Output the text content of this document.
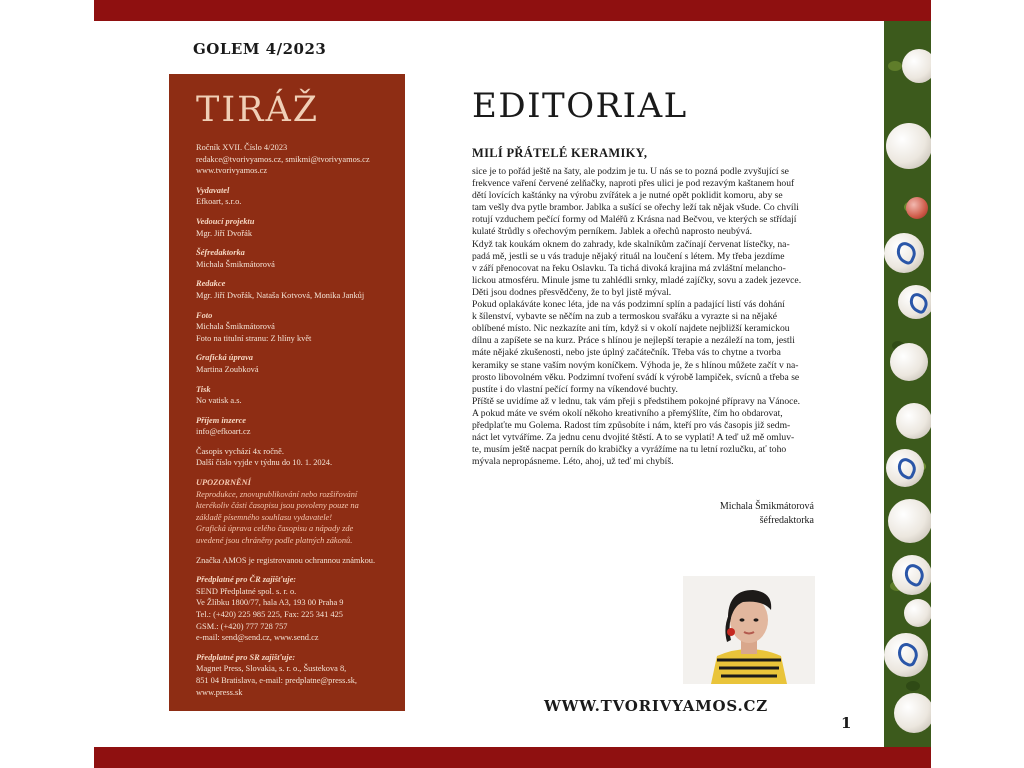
GOLEM 4/2023
TIRÁŽ
Ročník XVII. Číslo 4/2023
redakce@tvorivyamos.cz, smikmi@tvorivyamos.cz
www.tvorivyamos.cz
Vydavatel
Efkoart, s.r.o.
Vedoucí projektu
Mgr. Jiří Dvořák
Šéfredaktorka
Michala Šmikmátorová
Redakce
Mgr. Jiří Dvořák, Nataša Kotvová, Monika Jankůj
Foto
Michala Šmikmátorová
Foto na titulní stranu: Z hlíny květ
Grafická úprava
Martina Zoubková
Tisk
No vatisk a.s.
Příjem inzerce
info@efkoart.cz
Časopis vychází 4x ročně.
Další číslo vyjde v týdnu do 10. 1. 2024.
UPOZORNĚNÍ
Reprodukce, znovupublikování nebo rozšiřování
kterékoliv části časopisu jsou povoleny pouze na
základě písemného souhlasu vydavatele!
Grafická úprava celého časopisu a nápady zde
uvedené jsou chráněny podle platných zákonů.
Značka AMOS je registrovanou ochrannou známkou.
Předplatné pro ČR zajišťuje:
SEND Předplatné spol. s. r. o.
Ve Žlíbku 1800/77, hala A3, 193 00 Praha 9
Tel.: (+420) 225 985 225, Fax: 225 341 425
GSM.: (+420) 777 728 757
e-mail: send@send.cz, www.send.cz
Předplatné pro SR zajišťuje:
Magnet Press, Slovakia, s. r. o., Šustekova 8,
851 04 Bratislava, e-mail: predplatne@press.sk,
www.press.sk
EDITORIAL
MILÍ PŘÁTELÉ KERAMIKY,
sice je to pořád ještě na šaty, ale podzim je tu. U nás se to pozná podle zvyšující se
frekvence vaření červené zelňačky, naproti přes ulici je pod rezavým kaštanem houf
dětí lovících kaštánky na výrobu zvířátek a je nutné opět poklidit komoru, aby se
tam vešly dva pytle brambor. Jablka a sušící se ořechy leží tak nějak všude. Co chvíli
rotují vzduchem pečící formy od Maléřů z Krásna nad Bečvou, ve kterých se střídají
kulaté štrůdly s ořechovým perníkem. Jablek a ořechů naprosto neubývá.
Když tak koukám oknem do zahrady, kde skalníkům začínají červenat lístečky, na-
padá mě, jestli se u vás traduje nějaký rituál na loučení s létem. My třeba jezdíme
v září přenocovat na řeku Oslavku. Ta tichá divoká krajina má zvláštní melancho-
lickou atmosféru. Minule jsme tu zahlédli srnky, mladé zajíčky, sovu a zadek jezevce.
Děti jsou dodnes přesvědčeny, že to byl jistě mýval.
Pokud oplakáváte konec léta, jde na vás podzimní splín a padající listí vás dohání
k šílenství, vybavte se něčím na zub a termoskou svařáku a vyrazte si na nějaké
oblíbené místo. Nic nezkazíte ani tím, když si v okolí najdete nejbližší keramickou
dílnu a zapíšete se na kurz. Práce s hlínou je nejlepší terapie a nezáleží na tom, jestli
máte nějaké zkušenosti, nebo jste úplný začátečník. Třeba vás to chytne a tvorba
keramiky se stane vaším novým koníčkem. Výhoda je, že s hlínou můžete začít v na-
prosto libovolném věku. Podzimní tvoření svádí k výrobě lampiček, svícnů a třeba se
pustíte i do vlastní pečící formy na víkendové buchty.
Příště se uvidíme až v lednu, tak vám přeji s předstihem pokojné přípravy na Vánoce.
A pokud máte ve svém okolí někoho kreativního a přemýšlíte, čím ho obdarovat,
předplaťte mu Golema. Radost tím způsobíte i nám, kteří pro vás časopis již sedm-
náct let vytváříme. Za jednu cenu dvojité štěstí. A to se vyplatí! A teď už mě omluv-
te, musím ještě nacpat perník do krabičky a vyrážíme na tu letní rozlučku, ať toho
mývala nepropásneme. Léto, ahoj, už teď mi chybíš.
Michala Šmikmátorová
šéfredaktorka
WWW.TVORIVYAMOS.CZ
1
